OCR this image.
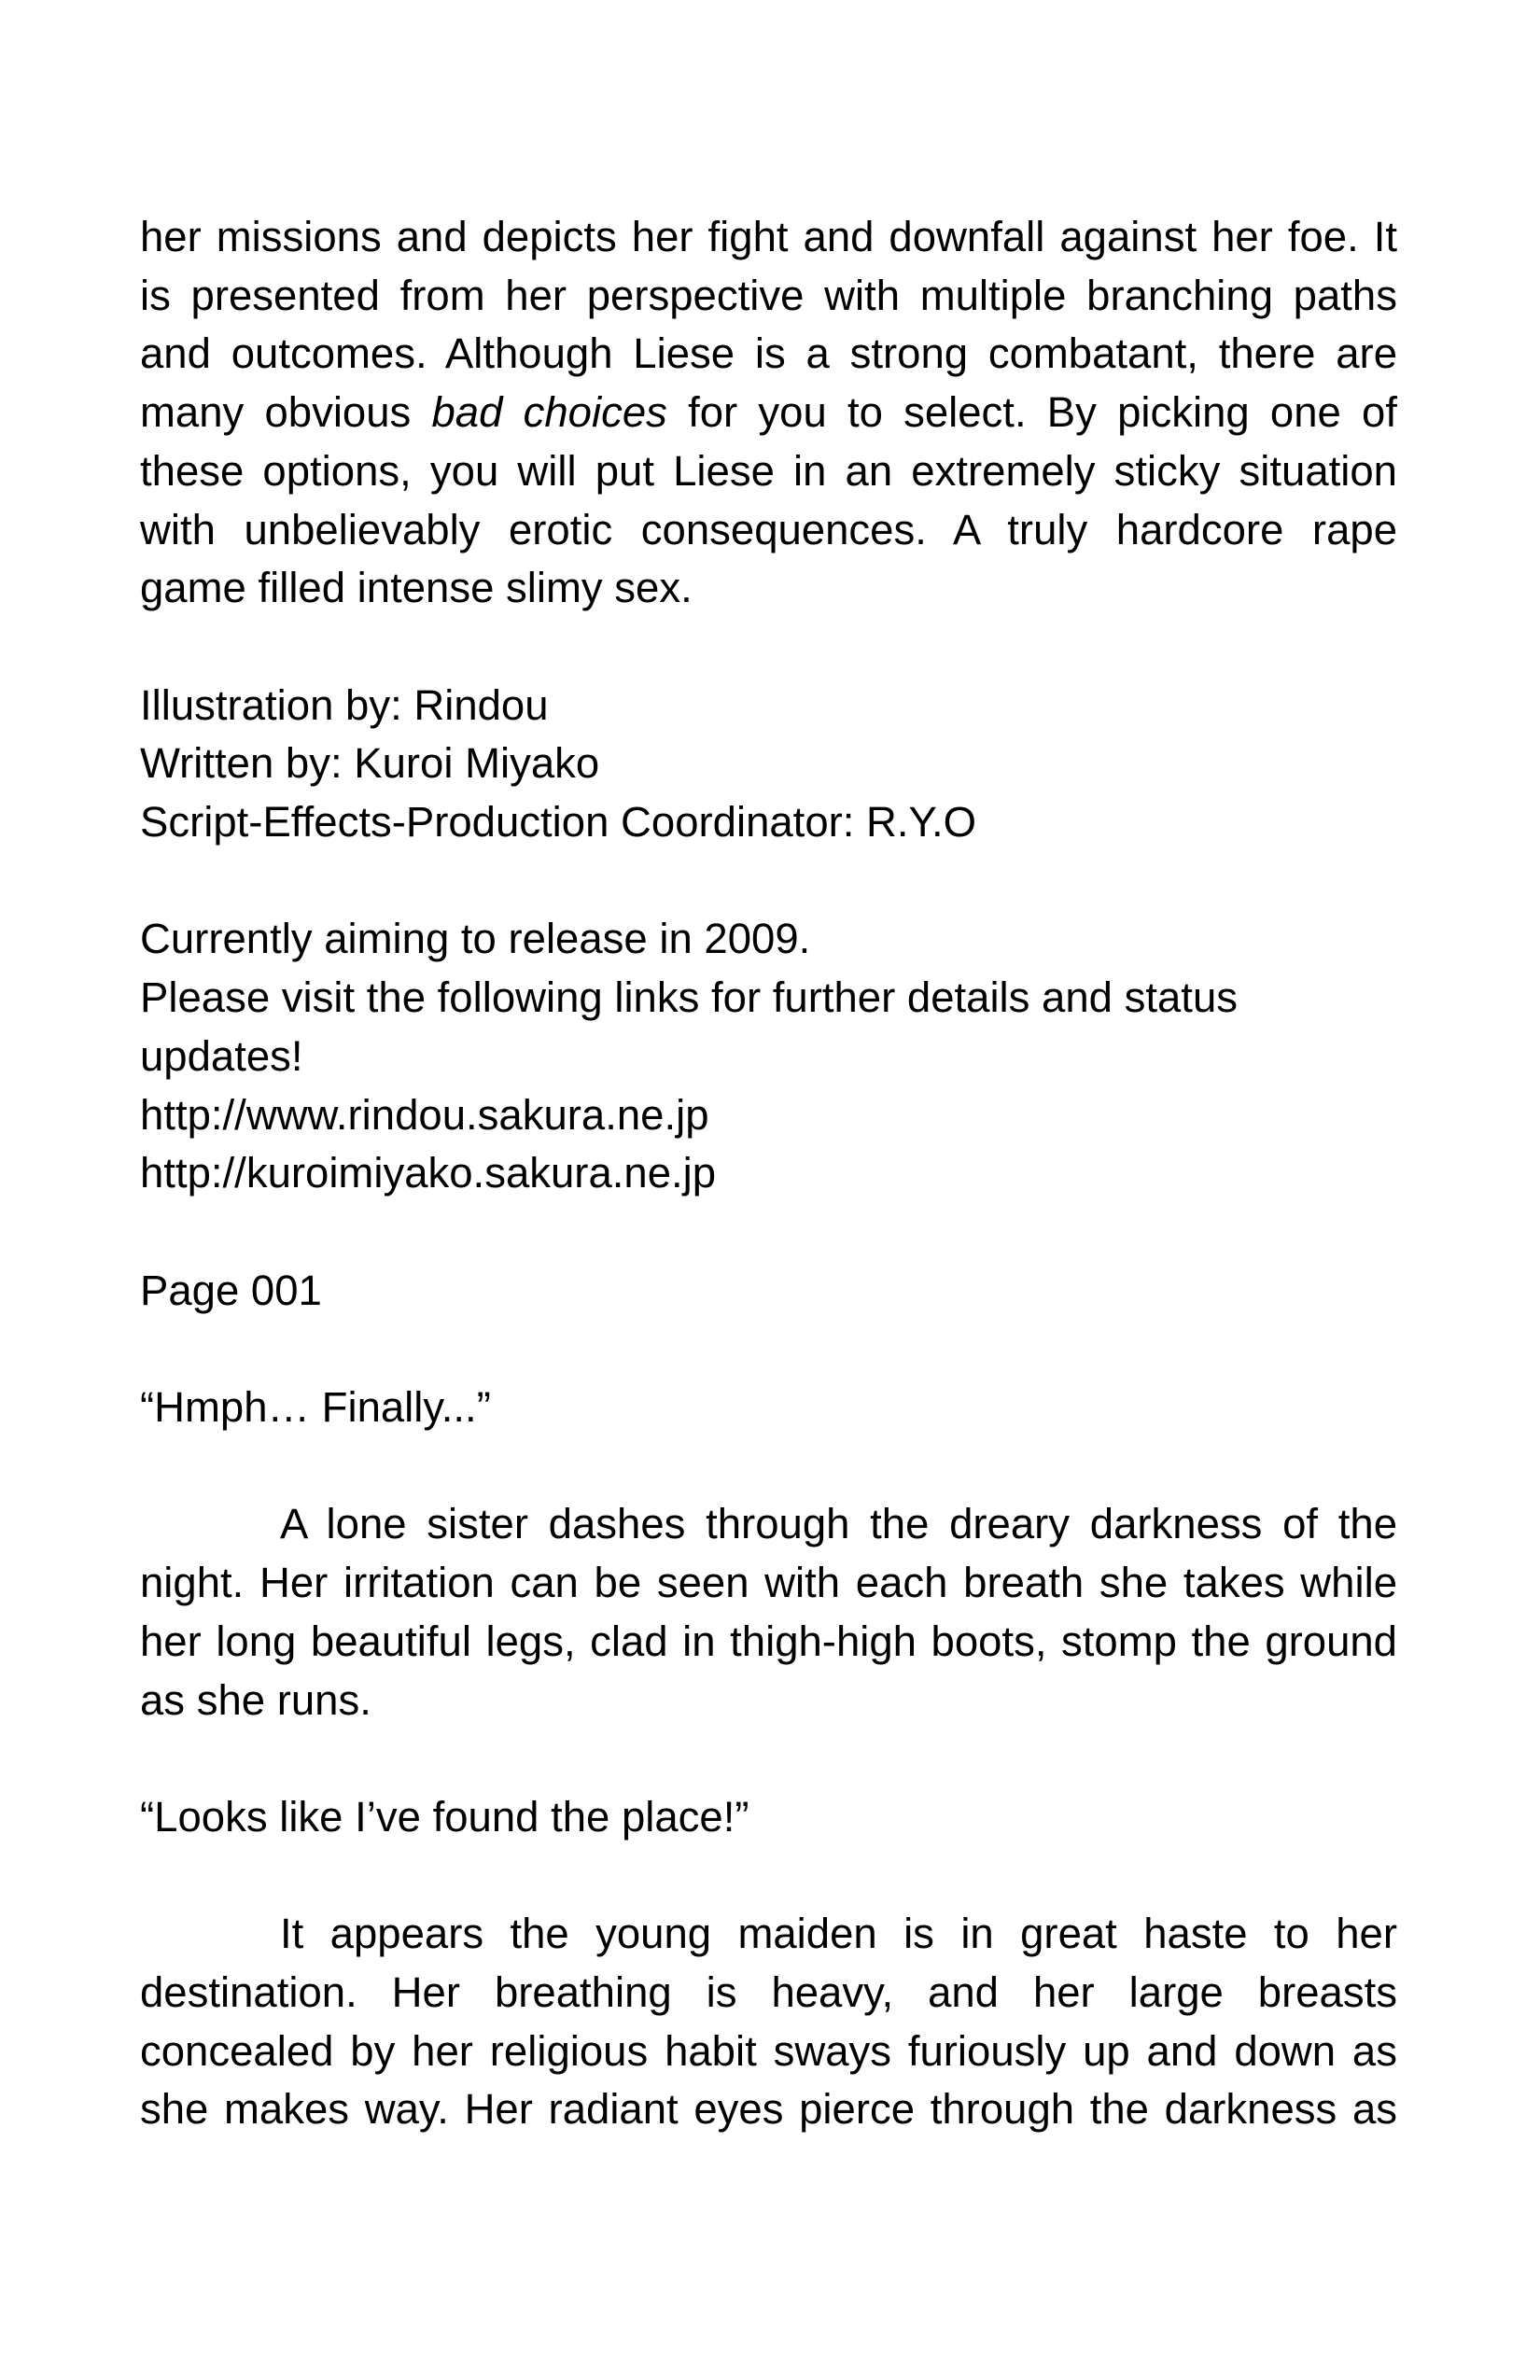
her missions and depicts her fight and downfall against her foe. It
is presented from her perspective with multiple branching paths
and outcomes. Although Liese is a strong combatant, there are
many obvious bad choices for you to select. By picking one of
these options, you will put Liese in an extremely sticky situation
with unbelievably erotic consequences. A truly hardcore rape
game filled intense slimy sex.
Illustration by: Rindou
Written by: Kuroi Miyako
Script-Effects-Production Coordinator: R.Y.O
Currently aiming to release in 2009.
Please visit the following links for further details and status
updates!
http://www.rindou.sakura.ne.jp
http://kuroimiyako.sakura.ne.jp
Page 001
“Hmph… Finally...”
A lone sister dashes through the dreary darkness of the
night. Her irritation can be seen with each breath she takes while
her long beautiful legs, clad in thigh-high boots, stomp the ground
as she runs.
“Looks like I’ve found the place!”
It appears the young maiden is in great haste to her
destination. Her breathing is heavy, and her large breasts
concealed by her religious habit sways furiously up and down as
she makes way. Her radiant eyes pierce through the darkness as
